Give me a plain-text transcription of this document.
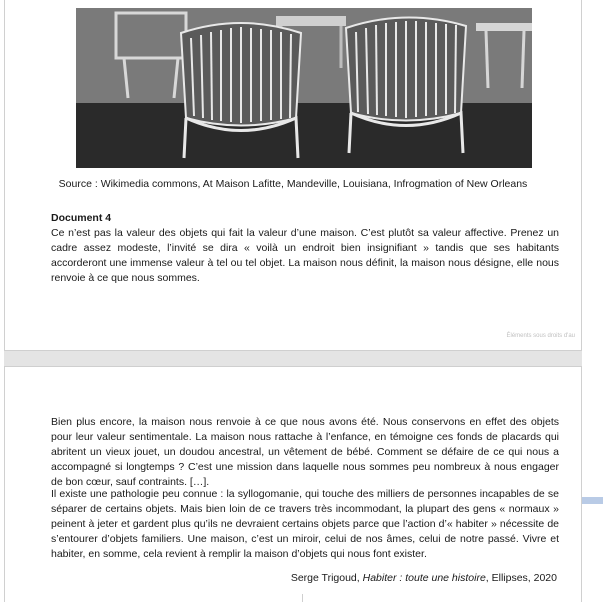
Source : Wikimedia commons, At Maison Lafitte, Mandeville, Louisiana, Infrogmation of New Orleans
Document 4

Ce n’est pas la valeur des objets qui fait la valeur d’une maison. C’est plutôt sa valeur affective. Prenez un cadre assez modeste, l’invité se dira « voilà un endroit bien insignifiant » tandis que ses habitants accorderont une immense valeur à tel ou tel objet. La maison nous définit, la maison nous désigne, elle nous renvoie à ce que nous sommes.

Éléments sous droits d'au

Bien plus encore, la maison nous renvoie à ce que nous avons été. Nous conservons en effet des objets pour leur valeur sentimentale. La maison nous rattache à l’enfance, en témoigne ces fonds de placards qui abritent un vieux jouet, un doudou ancestral, un vêtement de bébé. Comment se défaire de ce qui nous a accompagné si longtemps ? C’est une mission dans laquelle nous sommes peu nombreux à nous engager de bon cœur, sauf contraints. […].

Il existe une pathologie peu connue : la syllogomanie, qui touche des milliers de personnes incapables de se séparer de certains objets. Mais bien loin de ce travers très incommodant, la plupart des gens « normaux » peinent à jeter et gardent plus qu’ils ne devraient certains objets parce que l’action d’« habiter » nécessite de s’entourer d’objets familiers. Une maison, c’est un miroir, celui de nos âmes, celui de notre passé. Vivre et habiter, en somme, cela revient à remplir la maison d’objets qui nous font exister.

Serge Trigoud, Habiter : toute une histoire, Ellipses, 2020
